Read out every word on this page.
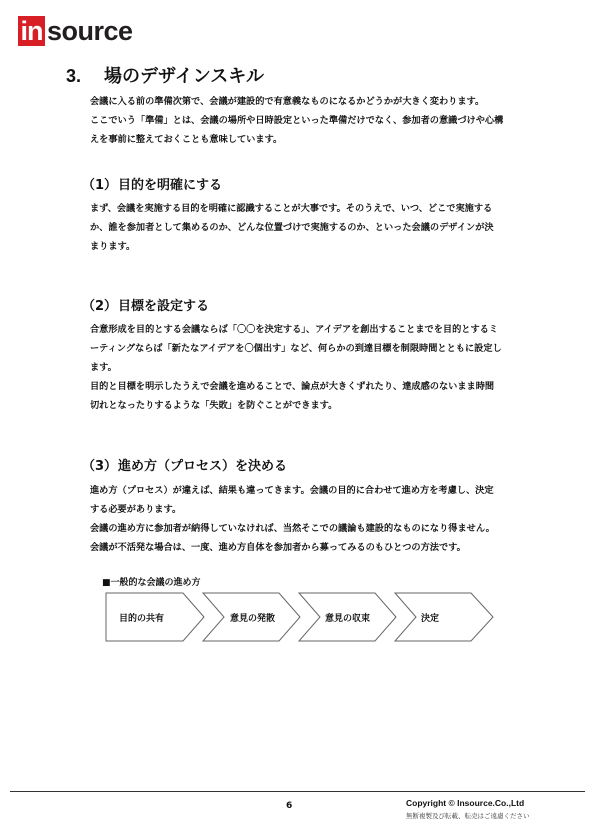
in source
3. 場のデザインスキル

会議に入る前の準備次第で、会議が建設的で有意義なものになるかどうかが大きく変わります。

ここでいう「準備」とは、会議の場所や日時設定といった準備だけでなく、参加者の意識づけや心構

えを事前に整えておくことも意味しています。

（1）目的を明確にする

まず、会議を実施する目的を明確に認識することが大事です。そのうえで、いつ、どこで実施する

か、誰を参加者として集めるのか、どんな位置づけで実施するのか、といった会議のデザインが決

まります。

（2）目標を設定する

合意形成を目的とする会議ならば「〇〇を決定する」、アイデアを創出することまでを目的とするミ

ーティングならば「新たなアイデアを〇個出す」など、何らかの到達目標を制限時間とともに設定し

ます。

目的と目標を明示したうえで会議を進めることで、論点が大きくずれたり、達成感のないまま時間

切れとなったりするような「失敗」を防ぐことができます。

（3）進め方（プロセス）を決める

進め方（プロセス）が違えば、結果も違ってきます。会議の目的に合わせて進め方を考慮し、決定

する必要があります。

会議の進め方に参加者が納得していなければ、当然そこでの議論も建設的なものになり得ません。

会議が不活発な場合は、一度、進め方自体を参加者から募ってみるのもひとつの方法です。

■一般的な会議の進め方
目的の共有	意見の発散	意見の収束	決定
6	Copyright © Insource.Co.,Ltd
無断複製及び転載、転売はご遠慮ください
